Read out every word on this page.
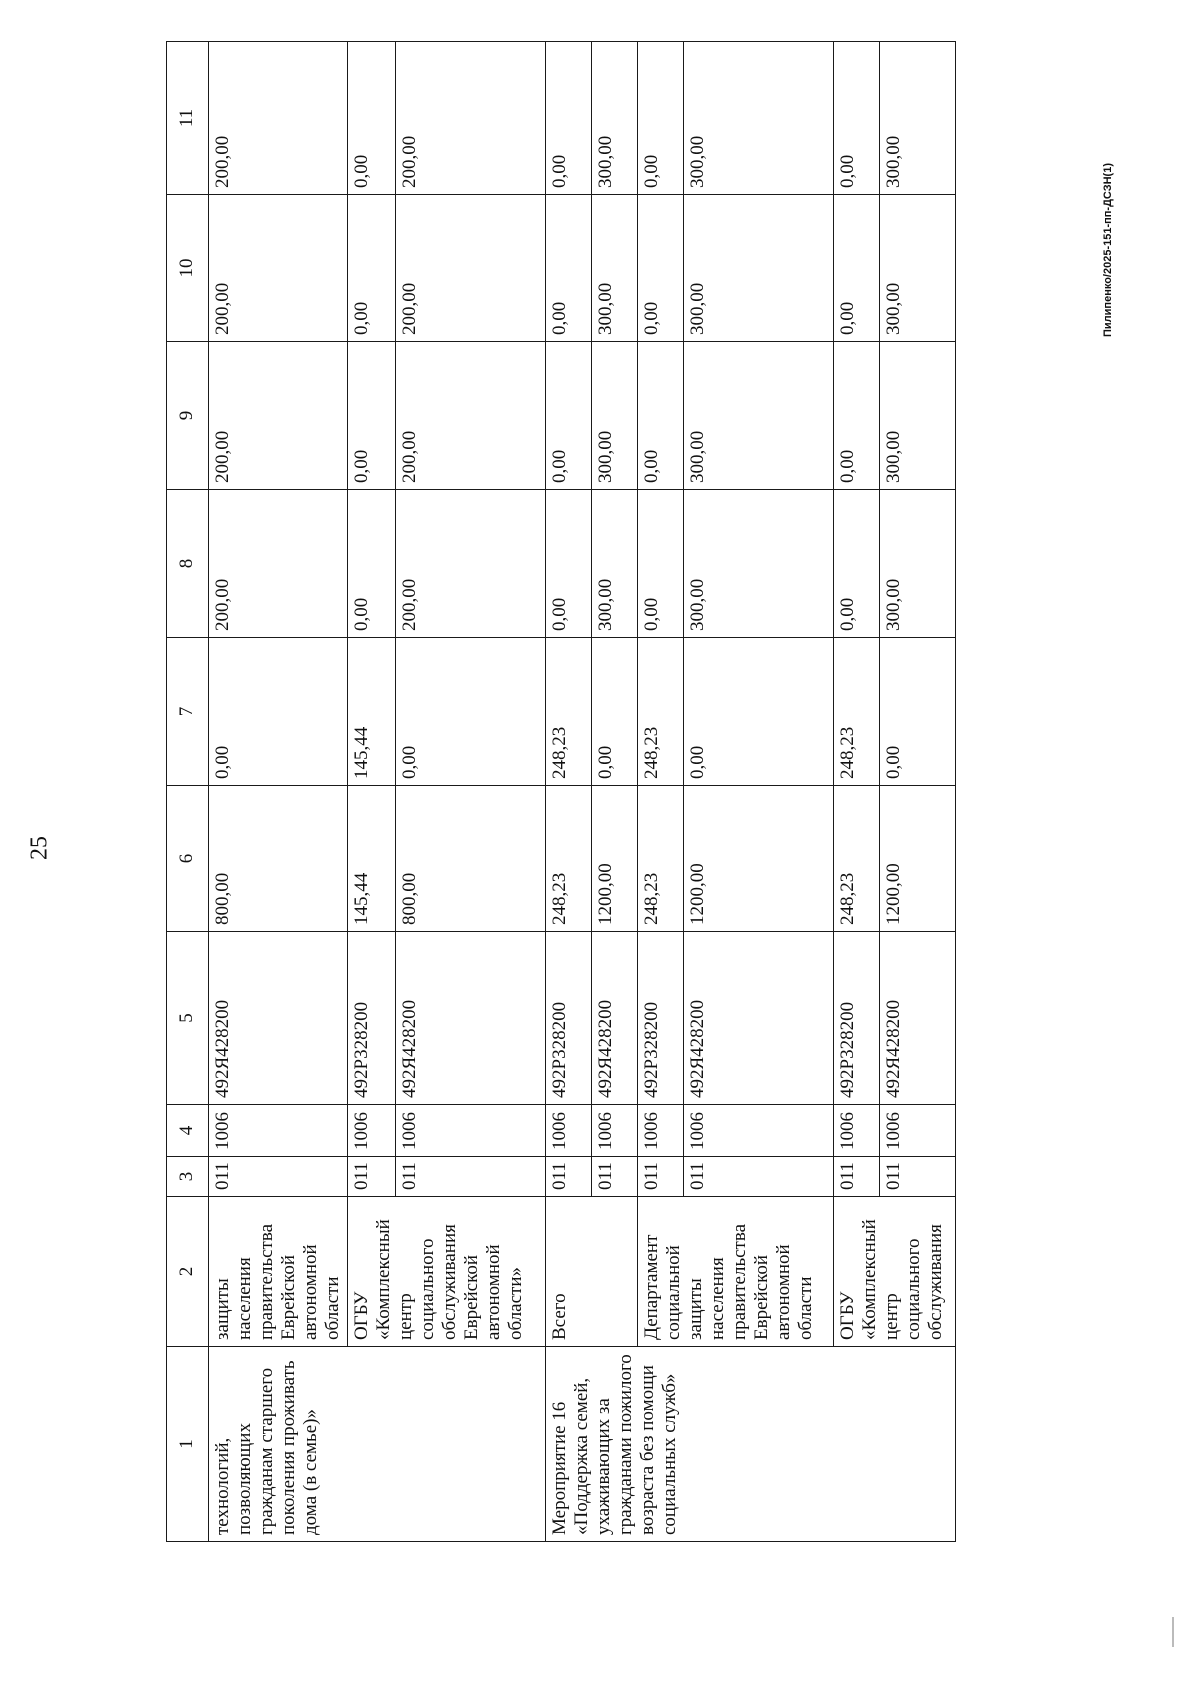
25
Пилипенко/2025-151-пп-ДСЗН(1)
1	2	3	4	5	6	7	8	9	10	11
технологий, позволяющих гражданам старшего поколения проживать дома (в семье)»	защиты населения правительства Еврейской автономной области	011	1006	492Я428200	800,00	0,00	200,00	200,00	200,00	200,00
	ОГБУ «Комплексный центр социального обслуживания Еврейской автономной области»	011	1006	492Р328200	145,44	145,44	0,00	0,00	0,00	0,00
		011	1006	492Я428200	800,00	0,00	200,00	200,00	200,00	200,00
Мероприятие 16 «Поддержка семей, ухаживающих за гражданами пожилого возраста без помощи социальных служб»	Всего	011	1006	492Р328200	248,23	248,23	0,00	0,00	0,00	0,00
		011	1006	492Я428200	1200,00	0,00	300,00	300,00	300,00	300,00
	Департамент социальной защиты населения правительства Еврейской автономной области	011	1006	492Р328200	248,23	248,23	0,00	0,00	0,00	0,00
		011	1006	492Я428200	1200,00	0,00	300,00	300,00	300,00	300,00
	ОГБУ «Комплексный центр социального обслуживания	011	1006	492Р328200	248,23	248,23	0,00	0,00	0,00	0,00
		011	1006	492Я428200	1200,00	0,00	300,00	300,00	300,00	300,00
